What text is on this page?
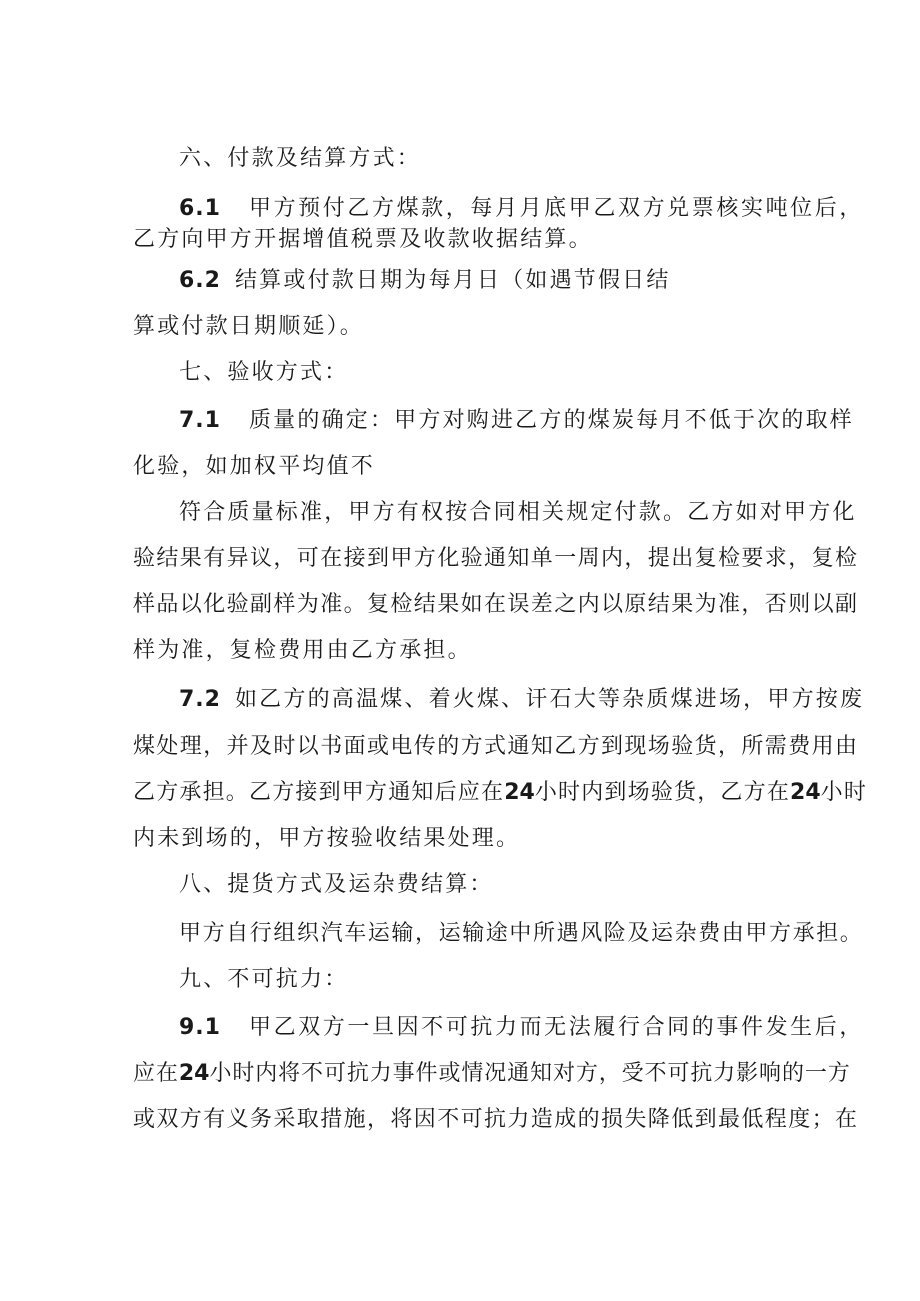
六、付款及结算方式：
6.1 甲方预付乙方煤款，每月月底甲乙双方兑票核实吨位后，
乙方向甲方开据增值税票及收款收据结算。
6.2 结算或付款日期为每月日（如遇节假日结
算或付款日期顺延）。
七、验收方式：
7.1 质量的确定：甲方对购进乙方的煤炭每月不低于次的取样
化验，如加权平均值不
符合质量标准，甲方有权按合同相关规定付款。乙方如对甲方化
验结果有异议，可在接到甲方化验通知单一周内，提出复检要求，复检
样品以化验副样为准。复检结果如在误差之内以原结果为准，否则以副
样为准，复检费用由乙方承担。
7.2 如乙方的高温煤、着火煤、讦石大等杂质煤进场，甲方按废
煤处理，并及时以书面或电传的方式通知乙方到现场验货，所需费用由
乙方承担。乙方接到甲方通知后应在24小时内到场验货，乙方在24小时
内未到场的，甲方按验收结果处理。
八、提货方式及运杂费结算：
甲方自行组织汽车运输，运输途中所遇风险及运杂费由甲方承担。
九、不可抗力：
9.1 甲乙双方一旦因不可抗力而无法履行合同的事件发生后，
应在24小时内将不可抗力事件或情况通知对方，受不可抗力影响的一方
或双方有义务采取措施，将因不可抗力造成的损失降低到最低程度；在
